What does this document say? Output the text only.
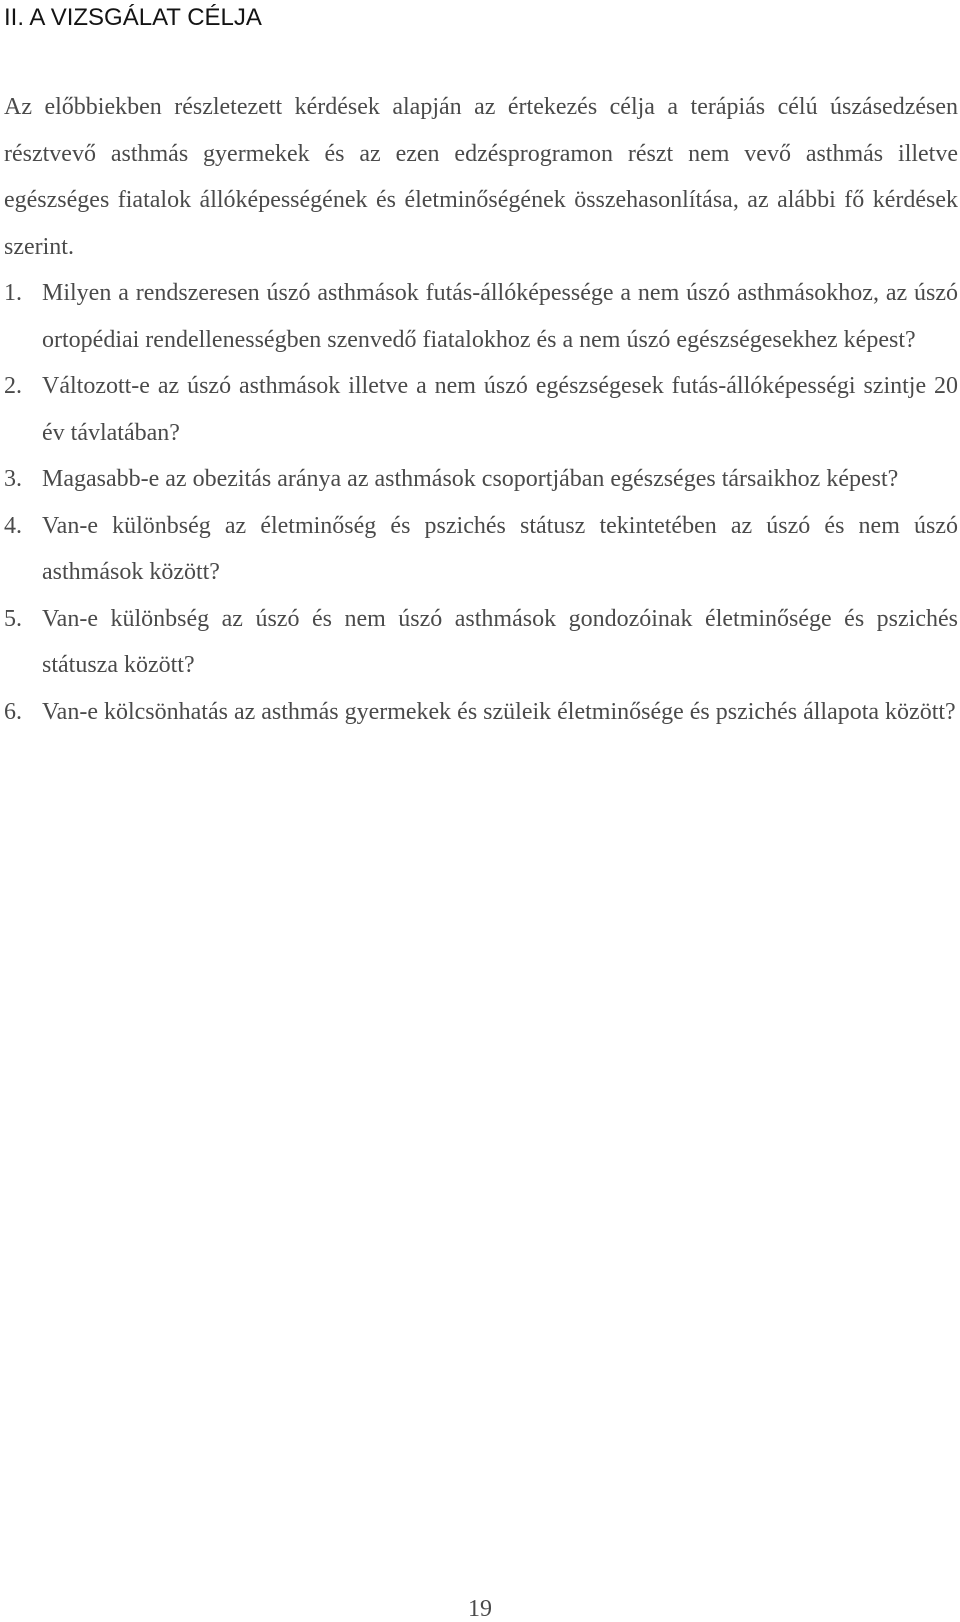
II. A VIZSGÁLAT CÉLJA

Az előbbiekben részletezett kérdések alapján az értekezés célja a terápiás célú úszásedzésen résztvevő asthmás gyermekek és az ezen edzésprogramon részt nem vevő asthmás illetve egészséges fiatalok állóképességének és életminőségének összehasonlítása, az alábbi fő kérdések szerint.

1. Milyen a rendszeresen úszó asthmások futás-állóképessége a nem úszó asthmásokhoz, az úszó ortopédiai rendellenességben szenvedő fiatalokhoz és a nem úszó egészségesekhez képest?
2. Változott-e az úszó asthmások illetve a nem úszó egészségesek futás-állóképességi szintje 20 év távlatában?
3. Magasabb-e az obezitás aránya az asthmások csoportjában egészséges társaikhoz képest?
4. Van-e különbség az életminőség és pszichés státusz tekintetében az úszó és nem úszó asthmások között?
5. Van-e különbség az úszó és nem úszó asthmások gondozóinak életminősége és pszichés státusza között?
6. Van-e kölcsönhatás az asthmás gyermekek és szüleik életminősége és pszichés állapota között?
19
